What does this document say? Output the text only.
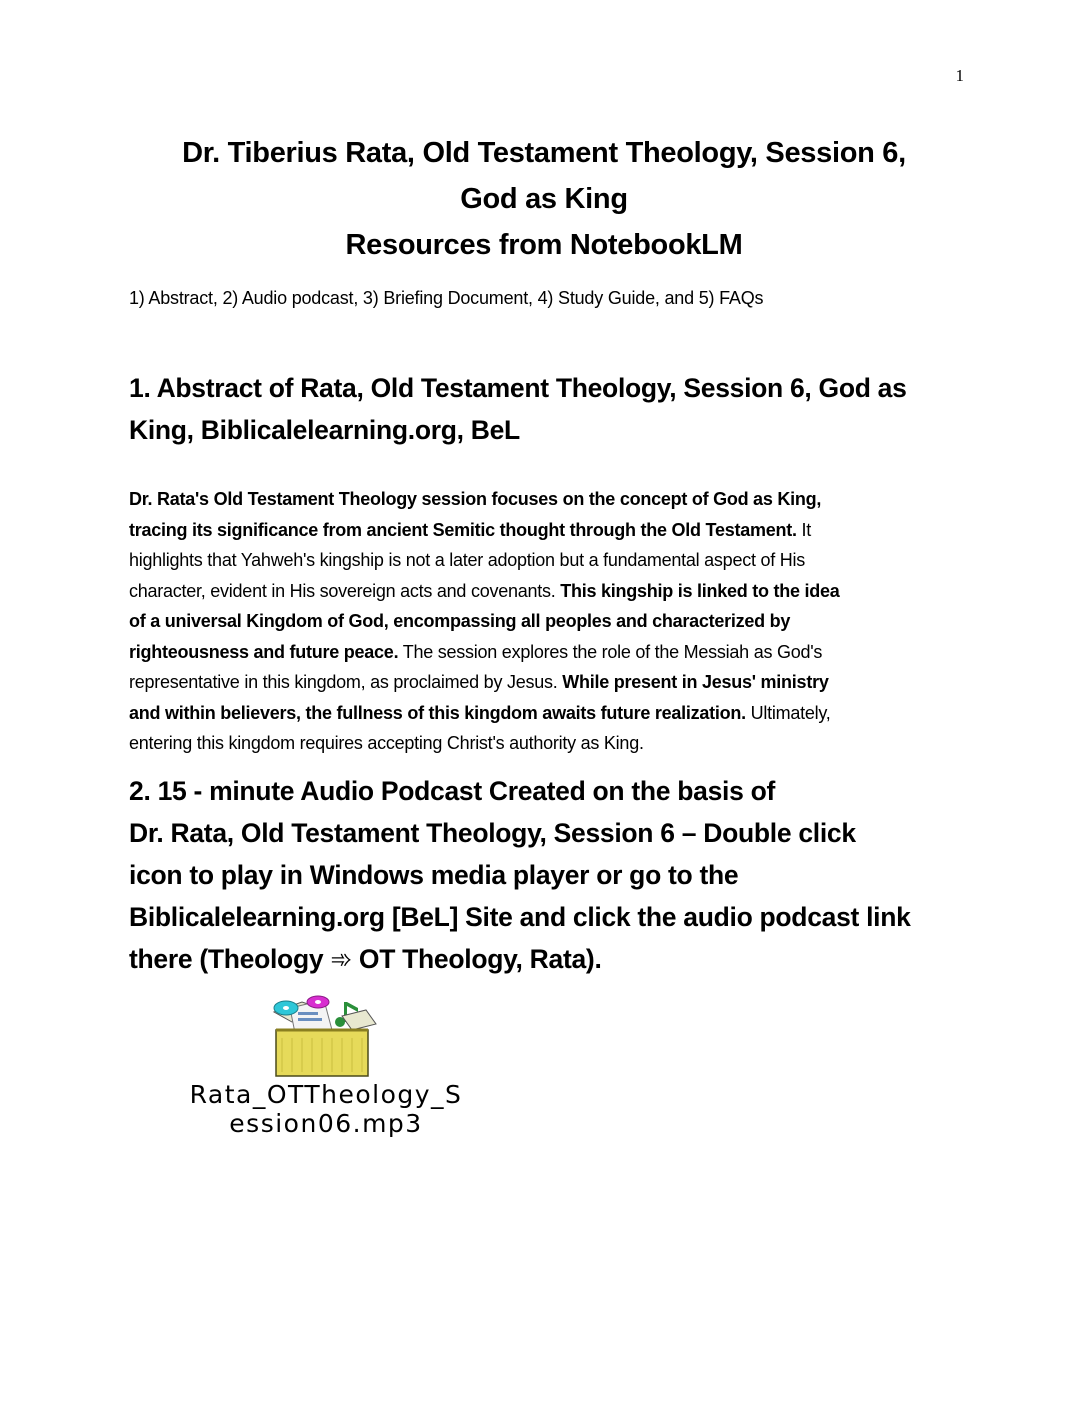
1
Dr. Tiberius Rata, Old Testament Theology, Session 6,
God as King
Resources from NotebookLM
1) Abstract, 2) Audio podcast, 3) Briefing Document, 4) Study Guide, and 5) FAQs
1. Abstract of Rata, Old Testament Theology, Session 6, God as
King, Biblicalelearning.org, BeL
Dr. Rata's Old Testament Theology session focuses on the concept of God as King,
tracing its significance from ancient Semitic thought through the Old Testament. It
highlights that Yahweh's kingship is not a later adoption but a fundamental aspect of His
character, evident in His sovereign acts and covenants. This kingship is linked to the idea
of a universal Kingdom of God, encompassing all peoples and characterized by
righteousness and future peace. The session explores the role of the Messiah as God's
representative in this kingdom, as proclaimed by Jesus. While present in Jesus' ministry
and within believers, the fullness of this kingdom awaits future realization. Ultimately,
entering this kingdom requires accepting Christ's authority as King.
2. 15 - minute Audio Podcast Created on the basis of
Dr. Rata, Old Testament Theology, Session 6 – Double click
icon to play in Windows media player or go to the
Biblicalelearning.org [BeL] Site and click the audio podcast link
there (Theology ➾ OT Theology, Rata).
Rata_OTTheology_S
ession06.mp3
